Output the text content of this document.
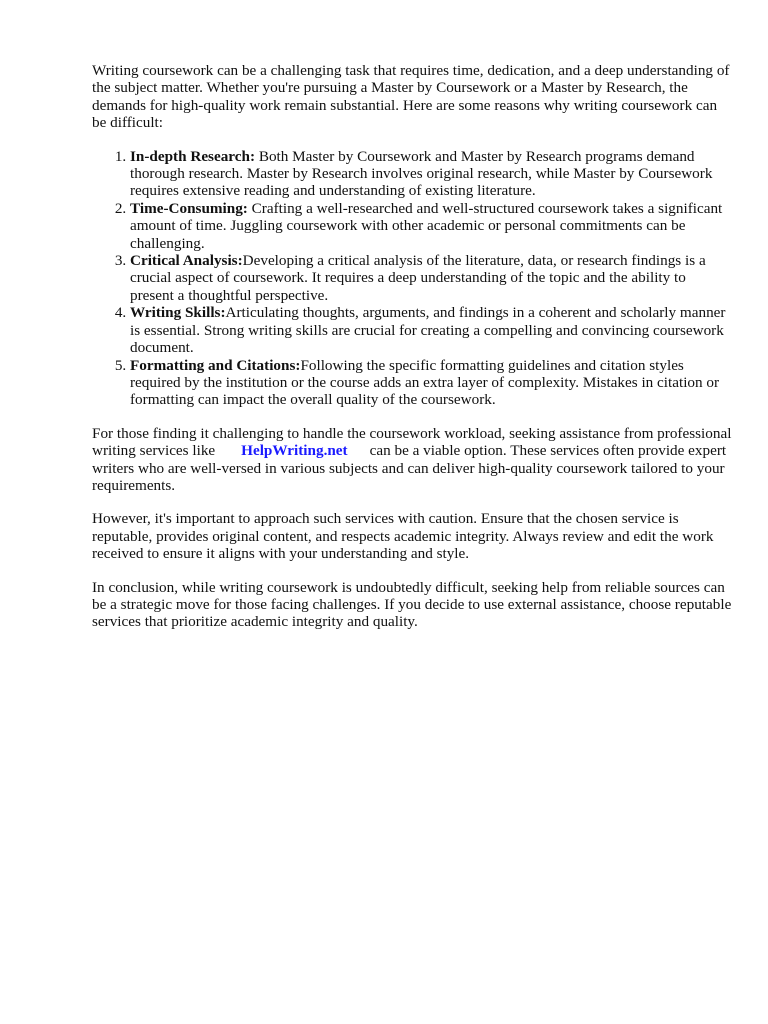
Writing coursework can be a challenging task that requires time, dedication, and a deep understanding of the subject matter. Whether you're pursuing a Master by Coursework or a Master by Research, the demands for high-quality work remain substantial. Here are some reasons why writing coursework can be difficult:

1. In-depth Research: Both Master by Coursework and Master by Research programs demand thorough research. Master by Research involves original research, while Master by Coursework requires extensive reading and understanding of existing literature.
2. Time-Consuming: Crafting a well-researched and well-structured coursework takes a significant amount of time. Juggling coursework with other academic or personal commitments can be challenging.
3. Critical Analysis:Developing a critical analysis of the literature, data, or research findings is a crucial aspect of coursework. It requires a deep understanding of the topic and the ability to present a thoughtful perspective.
4. Writing Skills:Articulating thoughts, arguments, and findings in a coherent and scholarly manner is essential. Strong writing skills are crucial for creating a compelling and convincing coursework document.
5. Formatting and Citations:Following the specific formatting guidelines and citation styles required by the institution or the course adds an extra layer of complexity. Mistakes in citation or formatting can impact the overall quality of the coursework.

For those finding it challenging to handle the coursework workload, seeking assistance from professional writing services like HelpWriting.net can be a viable option. These services often provide expert writers who are well-versed in various subjects and can deliver high-quality coursework tailored to your requirements.

However, it's important to approach such services with caution. Ensure that the chosen service is reputable, provides original content, and respects academic integrity. Always review and edit the work received to ensure it aligns with your understanding and style.

In conclusion, while writing coursework is undoubtedly difficult, seeking help from reliable sources can be a strategic move for those facing challenges. If you decide to use external assistance, choose reputable services that prioritize academic integrity and quality.
